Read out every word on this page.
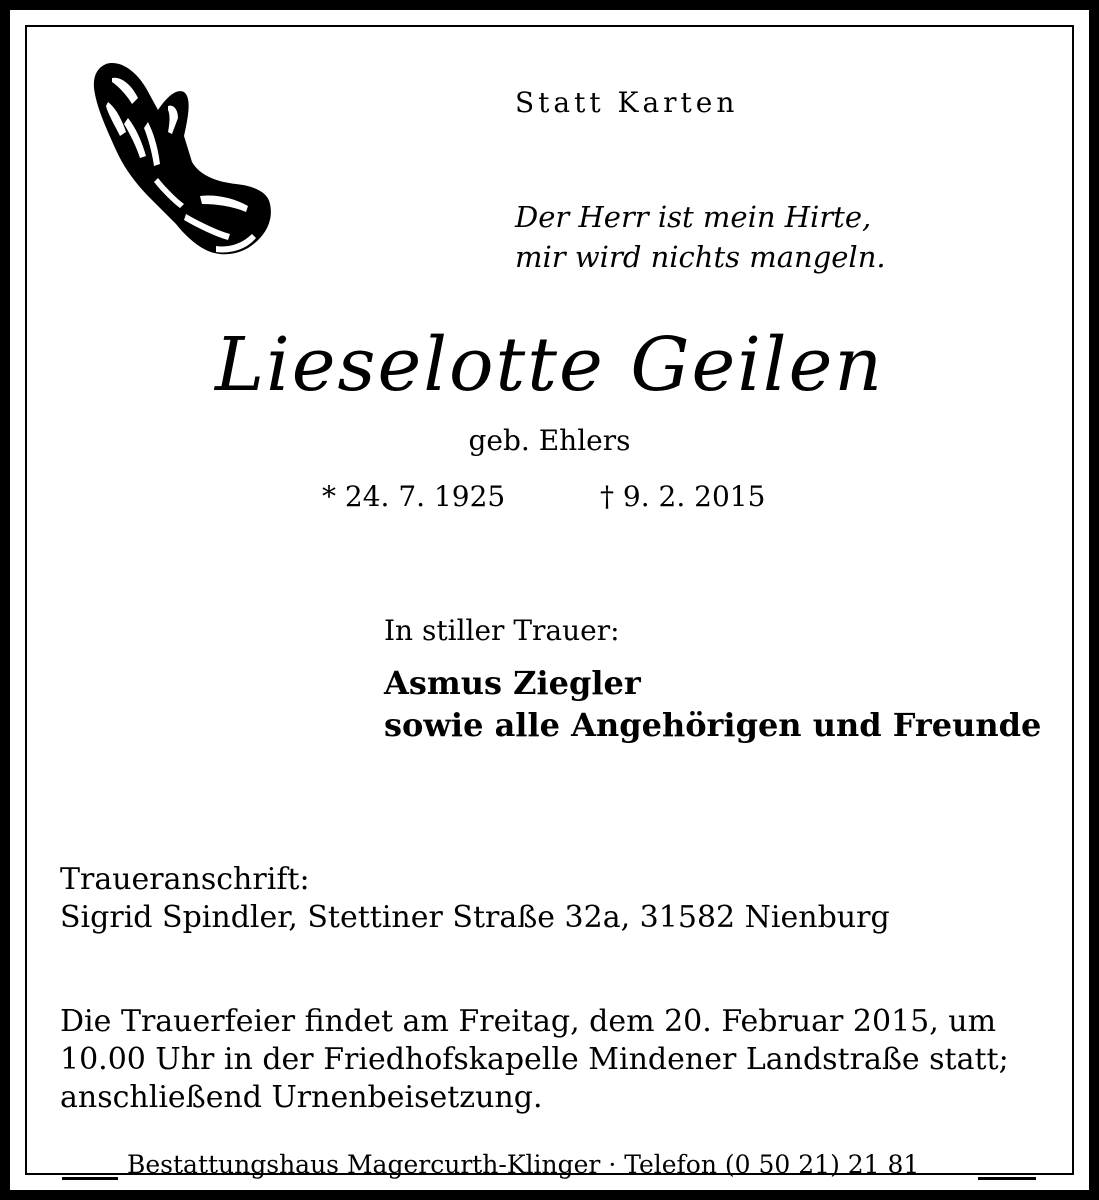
Statt Karten
Der Herr ist mein Hirte,
mir wird nichts mangeln.
Lieselotte Geilen
geb. Ehlers
* 24. 7. 1925	† 9. 2. 2015
In stiller Trauer:
Asmus Ziegler
sowie alle Angehörigen und Freunde
Traueranschrift:
Sigrid Spindler, Stettiner Straße 32a, 31582 Nienburg
Die Trauerfeier findet am Freitag, dem 20. Februar 2015, um
10.00 Uhr in der Friedhofskapelle Mindener Landstraße statt;
anschließend Urnenbeisetzung.
Bestattungshaus Magercurth-Klinger · Telefon (0 50 21) 21 81
